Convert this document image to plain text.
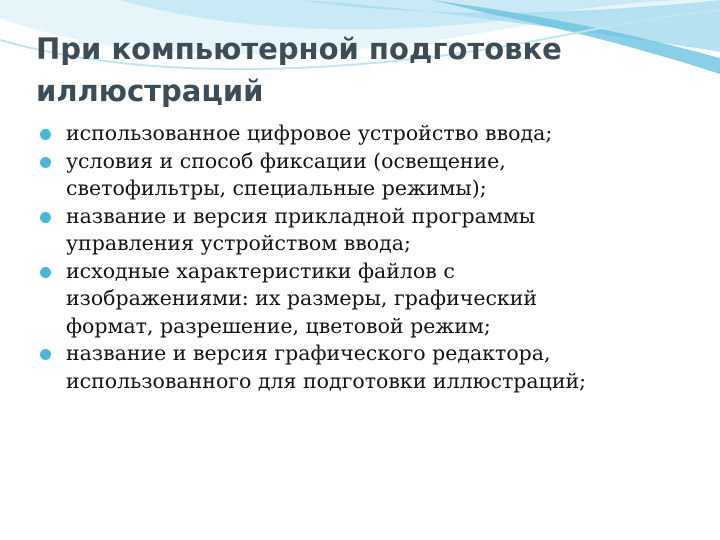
При компьютерной подготовке
иллюстраций
использованное цифровое устройство ввода;
условия и способ фиксации (освещение,
светофильтры, специальные режимы);
название и версия прикладной программы
управления устройством ввода;
исходные характеристики файлов с
изображениями: их размеры, графический
формат, разрешение, цветовой режим;
название и версия графического редактора,
использованного для подготовки иллюстраций;
